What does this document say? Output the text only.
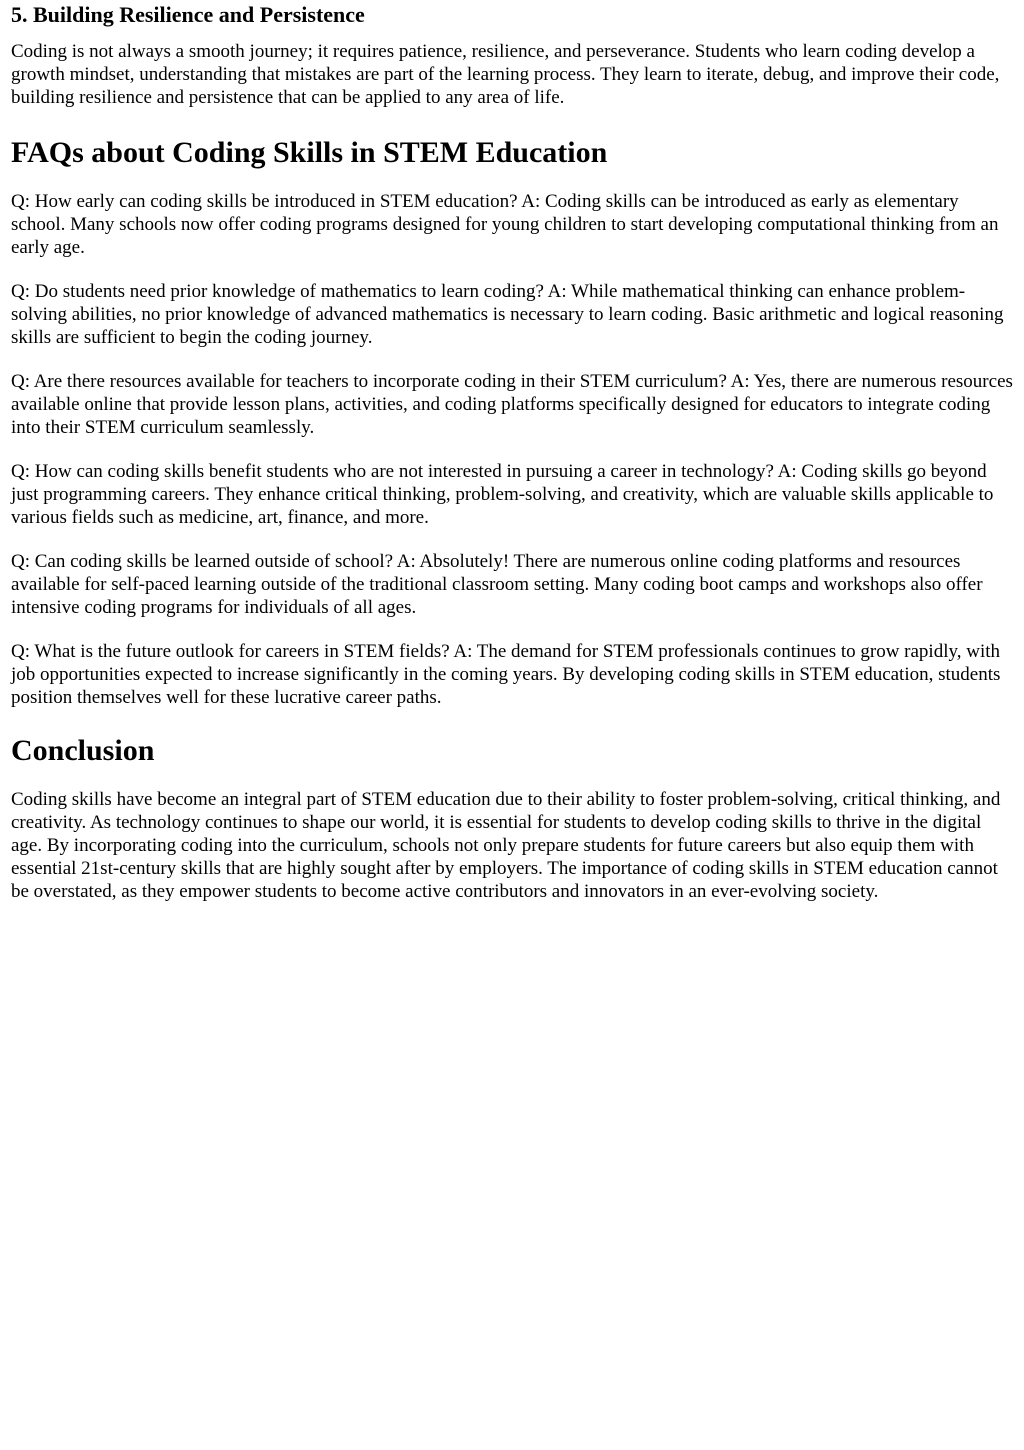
5. Building Resilience and Persistence

Coding is not always a smooth journey; it requires patience, resilience, and perseverance. Students who learn coding develop a growth mindset, understanding that mistakes are part of the learning process. They learn to iterate, debug, and improve their code, building resilience and persistence that can be applied to any area of life.

FAQs about Coding Skills in STEM Education

Q: How early can coding skills be introduced in STEM education? A: Coding skills can be introduced as early as elementary school. Many schools now offer coding programs designed for young children to start developing computational thinking from an early age.

Q: Do students need prior knowledge of mathematics to learn coding? A: While mathematical thinking can enhance problem-solving abilities, no prior knowledge of advanced mathematics is necessary to learn coding. Basic arithmetic and logical reasoning skills are sufficient to begin the coding journey.

Q: Are there resources available for teachers to incorporate coding in their STEM curriculum? A: Yes, there are numerous resources available online that provide lesson plans, activities, and coding platforms specifically designed for educators to integrate coding into their STEM curriculum seamlessly.

Q: How can coding skills benefit students who are not interested in pursuing a career in technology? A: Coding skills go beyond just programming careers. They enhance critical thinking, problem-solving, and creativity, which are valuable skills applicable to various fields such as medicine, art, finance, and more.

Q: Can coding skills be learned outside of school? A: Absolutely! There are numerous online coding platforms and resources available for self-paced learning outside of the traditional classroom setting. Many coding boot camps and workshops also offer intensive coding programs for individuals of all ages.

Q: What is the future outlook for careers in STEM fields? A: The demand for STEM professionals continues to grow rapidly, with job opportunities expected to increase significantly in the coming years. By developing coding skills in STEM education, students position themselves well for these lucrative career paths.

Conclusion

Coding skills have become an integral part of STEM education due to their ability to foster problem-solving, critical thinking, and creativity. As technology continues to shape our world, it is essential for students to develop coding skills to thrive in the digital age. By incorporating coding into the curriculum, schools not only prepare students for future careers but also equip them with essential 21st-century skills that are highly sought after by employers. The importance of coding skills in STEM education cannot be overstated, as they empower students to become active contributors and innovators in an ever-evolving society.
